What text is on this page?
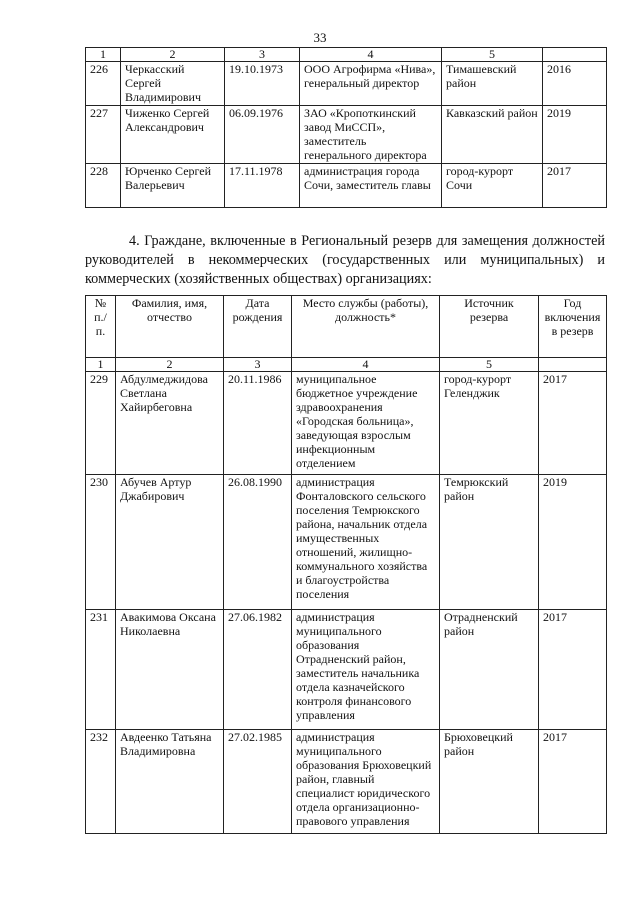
33
1	2	3	4	5	
226	Черкасский Сергей Владимирович	19.10.1973	ООО Агрофирма «Нива», генеральный директор	Тимашевский район	2016
227	Чиженко Сергей Александрович	06.09.1976	ЗАО «Кропоткинский завод МиССП», заместитель генерального директора	Кавказский район	2019
228	Юрченко Сергей Валерьевич	17.11.1978	администрация города Сочи, заместитель главы	город-курорт Сочи	2017
4. Граждане, включенные в Региональный резерв для замещения должностей руководителей в некоммерческих (государственных или муниципальных) и коммерческих (хозяйственных обществах) организациях:
№ п./п.	Фамилия, имя, отчество	Дата рождения	Место службы (работы), должность*	Источник резерва	Год включения в резерв
1	2	3	4	5	
229	Абдулмеджидова Светлана Хайирбеговна	20.11.1986	муниципальное бюджетное учреждение здравоохранения «Городская больница», заведующая взрослым инфекционным отделением	город-курорт Геленджик	2017
230	Абучев Артур Джабирович	26.08.1990	администрация Фонталовского сельского поселения Темрюкского района, начальник отдела имущественных отношений, жилищно-коммунального хозяйства и благоустройства поселения	Темрюкский район	2019
231	Авакимова Оксана Николаевна	27.06.1982	администрация муниципального образования Отрадненский район, заместитель начальника отдела казначейского контроля финансового управления	Отрадненский район	2017
232	Авдеенко Татьяна Владимировна	27.02.1985	администрация муниципального образования Брюховецкий район, главный специалист юридического отдела организационно-правового управления	Брюховецкий район	2017
